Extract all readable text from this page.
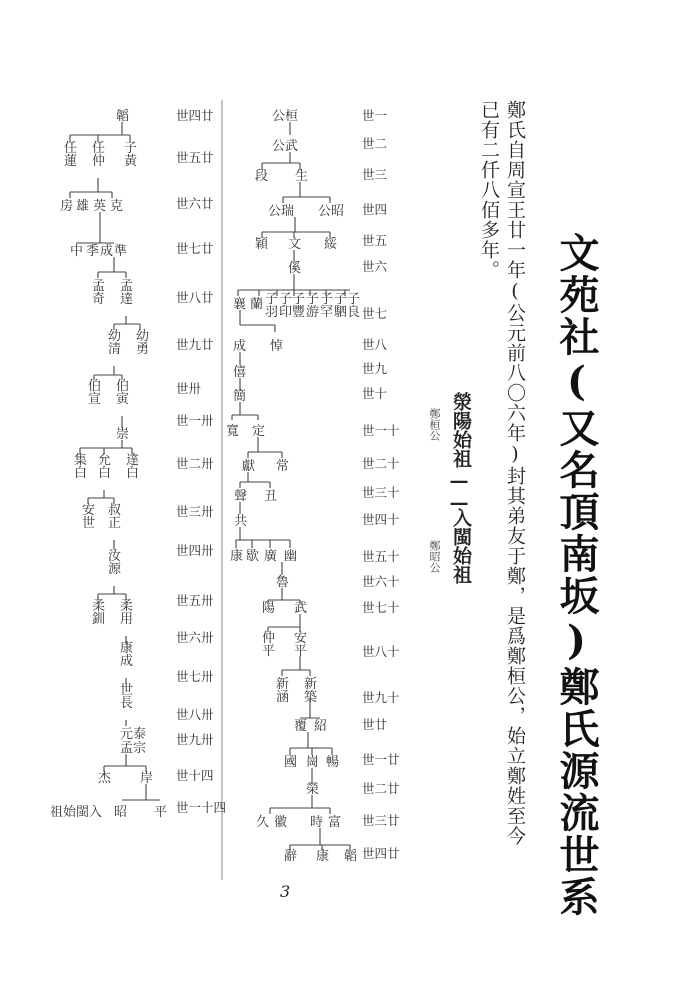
文苑社(又名頂南坂)鄭氏源流世系
鄭氏自周宣王廿一年(公元前八〇六年)封其弟友于鄭，是爲鄭桓公，始立鄭姓至今已有二仟八佰多年。
滎陽始祖
鄭桓公
——
入閩始祖
鄭昭公
世一
世二
世三
世四
世五
世六
世七
世八
世九
世十
世一十
世二十
世三十
世四十
世五十
世六十
世七十
世八十
世九十
世廿
世一廿
世二廿
世三廿
世四廿
世四廿
世五廿
世六廿
世七廿
世八廿
世九廿
世卅
世一卅
世二卅
世三卅
世四卅
世五卅
世六卅
世七卅
世八卅
世九卅
世十四
世一十四
公桓
公武
段 生
公瑞 公昭
穎 文 綏
傒
襄 蘭 子羽
子印
子豐
子游
子罕
子駟
子良
成 悼
僖
簡
寬 定
獻 常
聲 丑
共
康 歇 廣 幽
魯
陽 武
仲平
安平
新涵
新築
覆 紹
國 崗 暢
榮
久 徽 時 富
辭 康 韜
韜
任蓮
任仲
子黃
房 雄 英 克
中 季 成 準
孟奇
孟達
幼清
幼勇
伯宣
伯寅
崇
集白
允白
達白
安世
叔正
汝源
柔釧
柔用
康成
世長
元泰
孟宗
杰 岸
昭 平
祖始閩入
3
